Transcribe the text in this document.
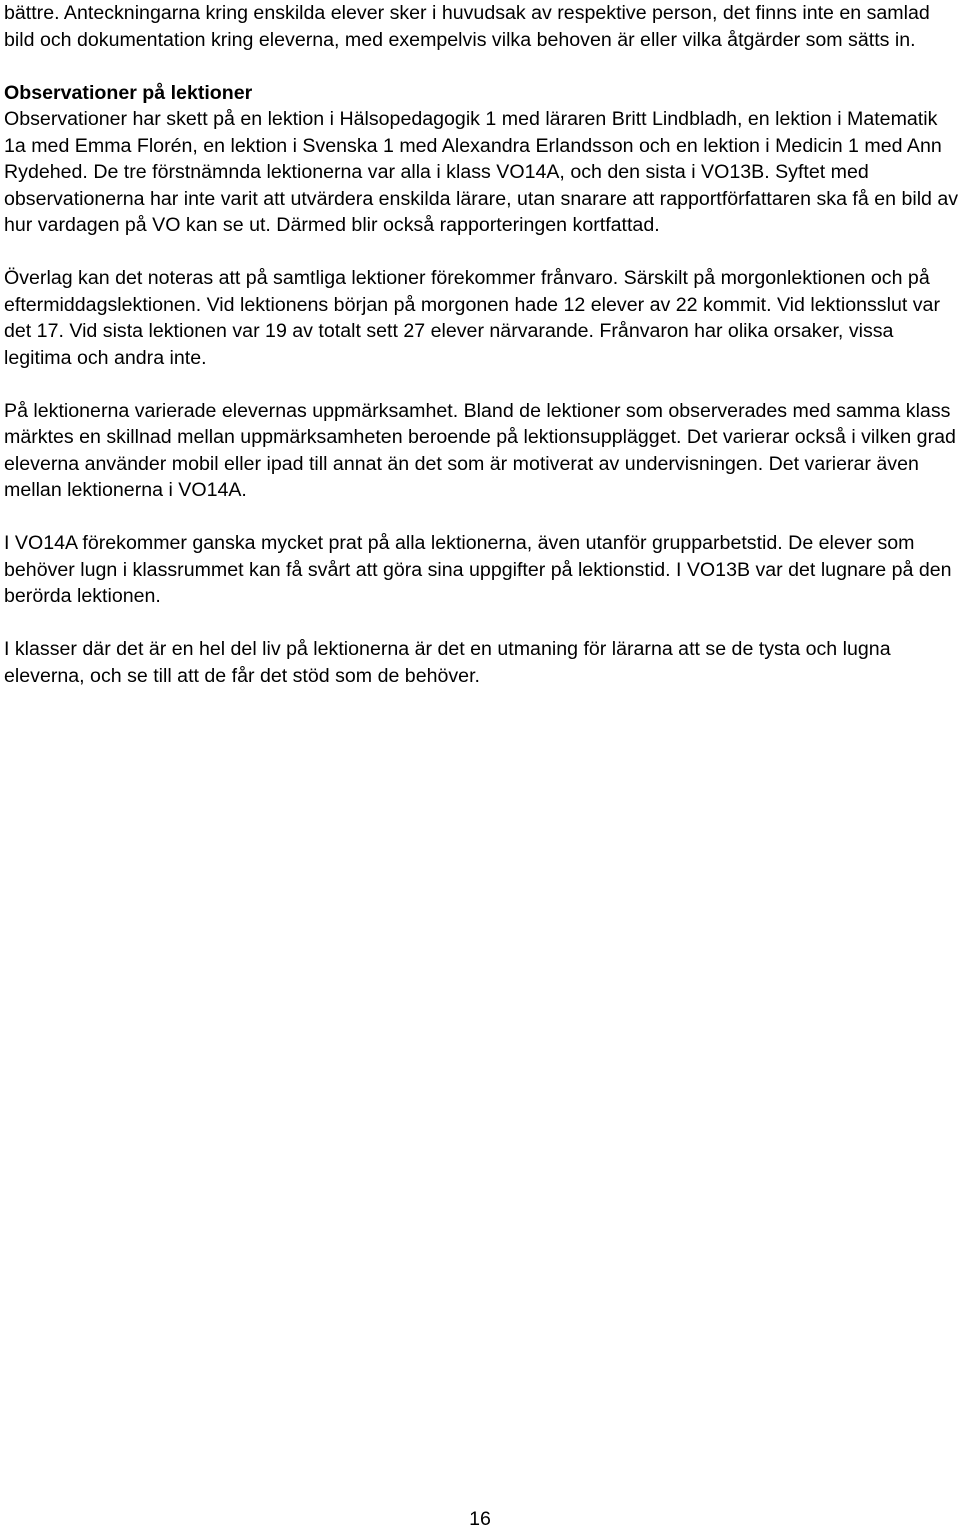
bättre. Anteckningarna kring enskilda elever sker i huvudsak av respektive person, det finns inte en samlad bild och dokumentation kring eleverna, med exempelvis vilka behoven är eller vilka åtgärder som sätts in.

Observationer på lektioner

Observationer har skett på en lektion i Hälsopedagogik 1 med läraren Britt Lindbladh, en lektion i Matematik 1a med Emma Florén, en lektion i Svenska 1 med Alexandra Erlandsson och en lektion i Medicin 1 med Ann Rydehed. De tre förstnämnda lektionerna var alla i klass VO14A, och den sista i VO13B. Syftet med observationerna har inte varit att utvärdera enskilda lärare, utan snarare att rapportförfattaren ska få en bild av hur vardagen på VO kan se ut. Därmed blir också rapporteringen kortfattad.

Överlag kan det noteras att på samtliga lektioner förekommer frånvaro. Särskilt på morgonlektionen och på eftermiddagslektionen. Vid lektionens början på morgonen hade 12 elever av 22 kommit. Vid lektionsslut var det 17. Vid sista lektionen var 19 av totalt sett 27 elever närvarande. Frånvaron har olika orsaker, vissa legitima och andra inte.

På lektionerna varierade elevernas uppmärksamhet. Bland de lektioner som observerades med samma klass märktes en skillnad mellan uppmärksamheten beroende på lektionsupplägget. Det varierar också i vilken grad eleverna använder mobil eller ipad till annat än det som är motiverat av undervisningen. Det varierar även mellan lektionerna i VO14A.

I VO14A förekommer ganska mycket prat på alla lektionerna, även utanför grupparbetstid. De elever som behöver lugn i klassrummet kan få svårt att göra sina uppgifter på lektionstid. I VO13B var det lugnare på den berörda lektionen.

I klasser där det är en hel del liv på lektionerna är det en utmaning för lärarna att se de tysta och lugna eleverna, och se till att de får det stöd som de behöver.

16
